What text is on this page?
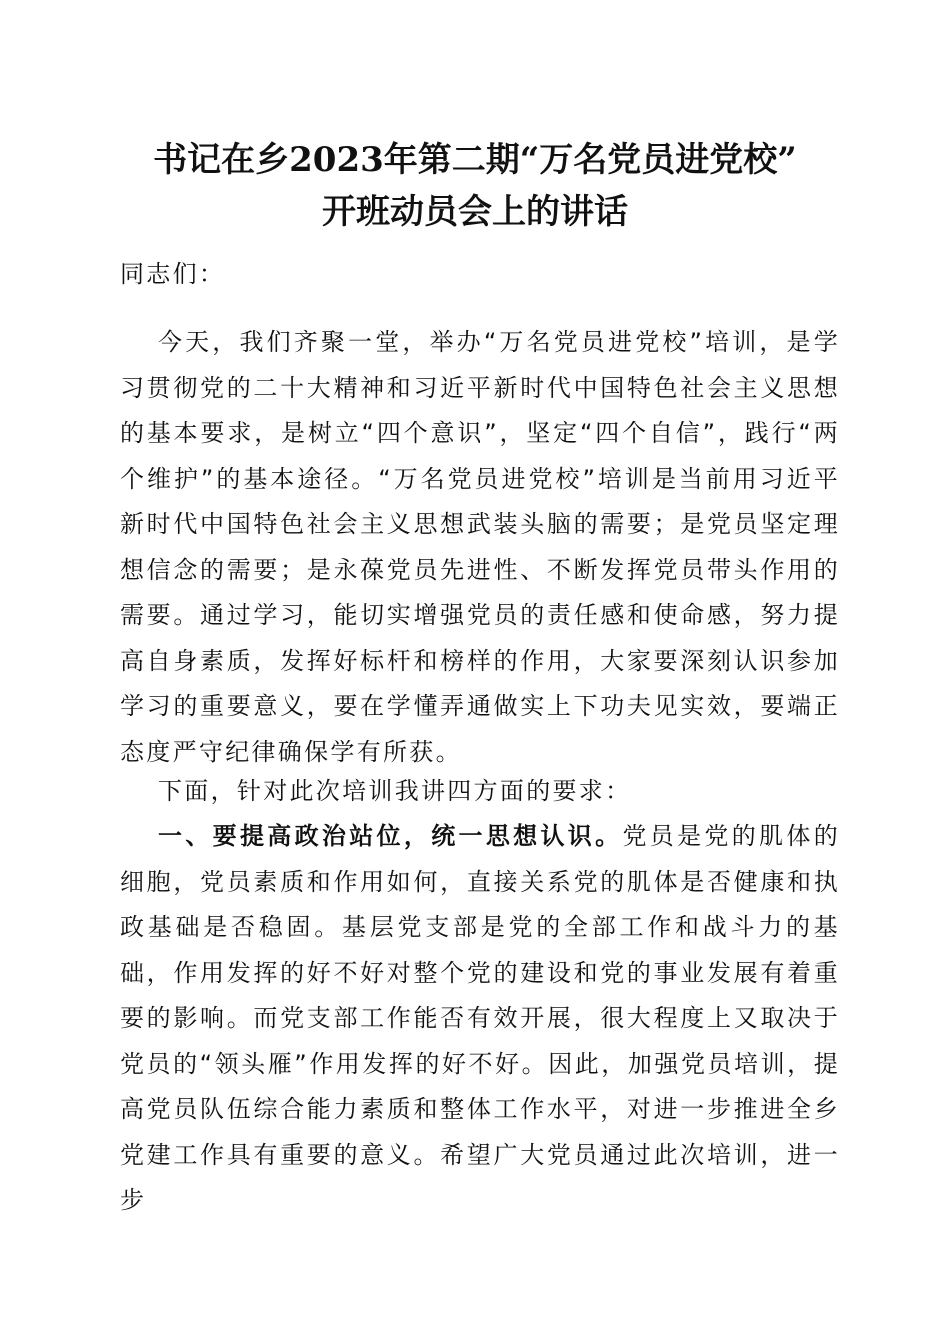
书记在乡2023年第二期“万名党员进党校”
开班动员会上的讲话
同志们：
今天，我们齐聚一堂，举办“万名党员进党校”培训，是学习贯彻党的二十大精神和习近平新时代中国特色社会主义思想的基本要求，是树立“四个意识”，坚定“四个自信”，践行“两个维护”的基本途径。“万名党员进党校”培训是当前用习近平新时代中国特色社会主义思想武装头脑的需要；是党员坚定理想信念的需要；是永葆党员先进性、不断发挥党员带头作用的需要。通过学习，能切实增强党员的责任感和使命感，努力提高自身素质，发挥好标杆和榜样的作用，大家要深刻认识参加学习的重要意义，要在学懂弄通做实上下功夫见实效，要端正态度严守纪律确保学有所获。
下面，针对此次培训我讲四方面的要求：
一、要提高政治站位，统一思想认识。党员是党的肌体的细胞，党员素质和作用如何，直接关系党的肌体是否健康和执政基础是否稳固。基层党支部是党的全部工作和战斗力的基础，作用发挥的好不好对整个党的建设和党的事业发展有着重要的影响。而党支部工作能否有效开展，很大程度上又取决于党员的“领头雁”作用发挥的好不好。因此，加强党员培训，提高党员队伍综合能力素质和整体工作水平，对进一步推进全乡党建工作具有重要的意义。希望广大党员通过此次培训，进一步
